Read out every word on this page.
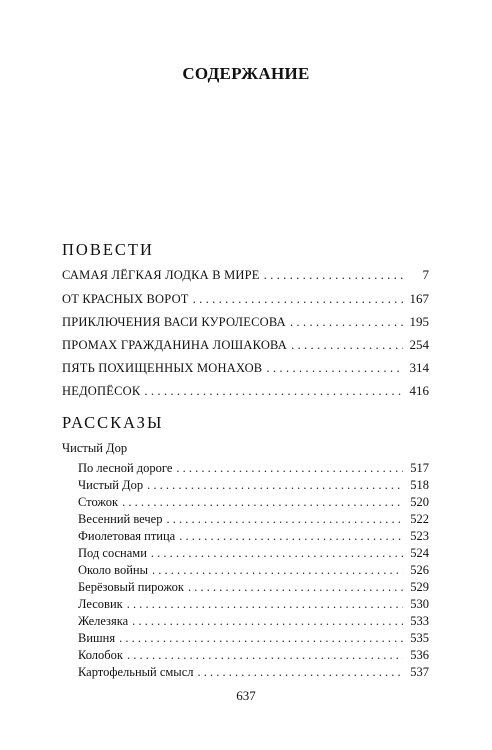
СОДЕРЖАНИЕ
ПОВЕСТИ
САМАЯ ЛЁГКАЯ ЛОДКА В МИРЕ . . .	7
ОТ КРАСНЫХ ВОРОТ . . .	167
ПРИКЛЮЧЕНИЯ ВАСИ КУРОЛЕСОВА . . .	195
ПРОМАХ ГРАЖДАНИНА ЛОШАКОВА . . .	254
ПЯТЬ ПОХИЩЕННЫХ МОНАХОВ . . .	314
НЕДОПЁСОК . . .	416
РАССКАЗЫ
Чистый Дор
По лесной дороге . . .	517
Чистый Дор . . .	518
Стожок . . .	520
Весенний вечер . . .	522
Фиолетовая птица . . .	523
Под соснами . . .	524
Около войны . . .	526
Берёзовый пирожок . . .	529
Лесовик . . .	530
Железяка . . .	533
Вишня . . .	535
Колобок . . .	536
Картофельный смысл . . .	537
637
